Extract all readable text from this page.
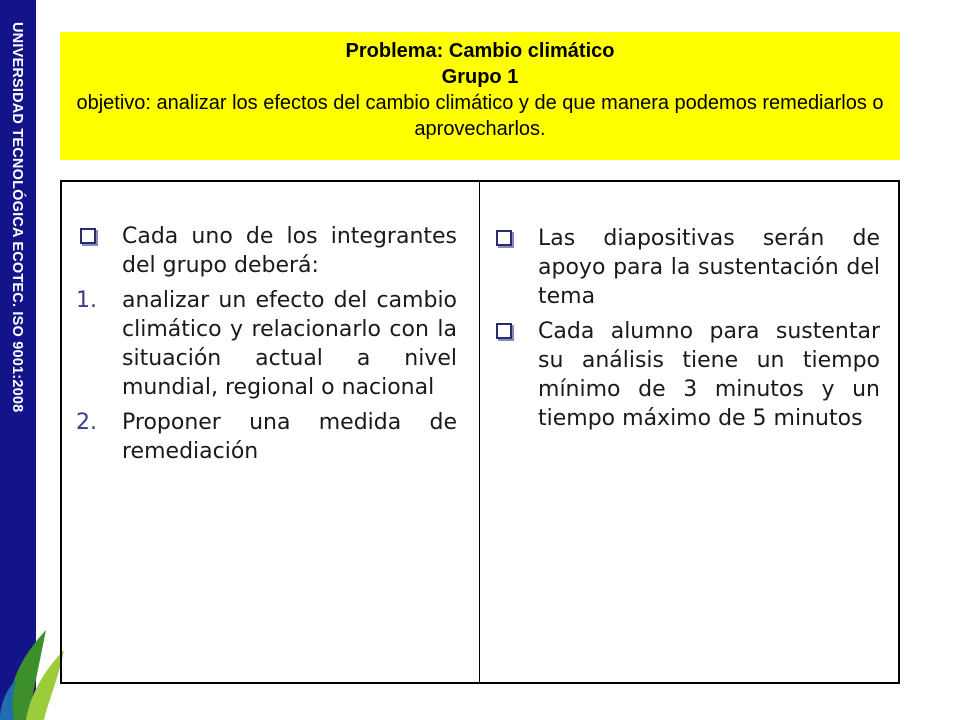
UNIVERSIDAD TECNOLÓGICA ECOTEC. ISO 9001:2008	Problema: Cambio climático
Grupo 1
objetivo: analizar los efectos del cambio climático y de que manera podemos remediarlos o aprovecharlos.
Cada uno de los integrantes del grupo deberá:
1. analizar un efecto del cambio climático y relacionarlo con la situación actual a nivel mundial, regional o nacional
2. Proponer una medida de remediación
Las diapositivas serán de apoyo para la sustentación del tema
Cada alumno para sustentar su análisis tiene un tiempo mínimo de 3 minutos y un tiempo máximo de 5 minutos
